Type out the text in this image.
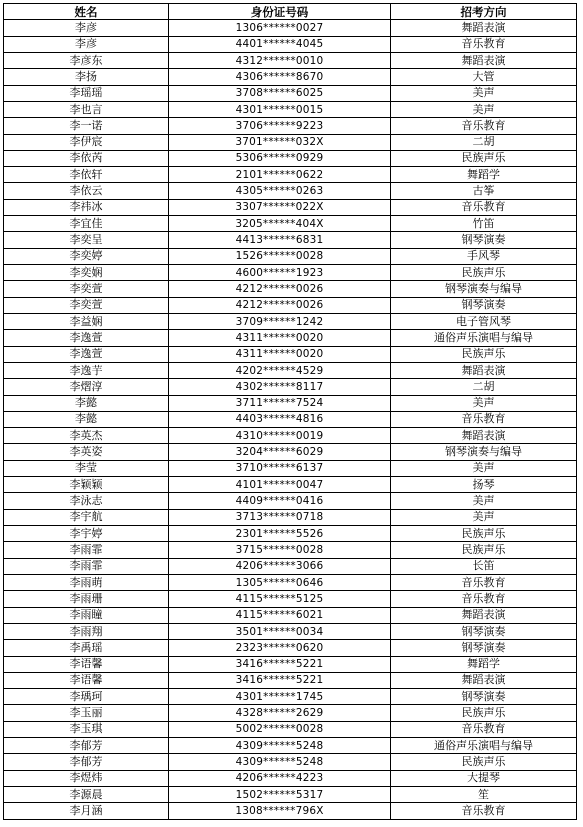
姓名	身份证号码	招考方向
李彦	1306******0027	舞蹈表演
李彦	4401******4045	音乐教育
李彦东	4312******0010	舞蹈表演
李扬	4306******8670	大管
李瑶瑶	3708******6025	美声
李也言	4301******0015	美声
李一诺	3706******9223	音乐教育
李伊宸	3701******032X	二胡
李依芮	5306******0929	民族声乐
李依轩	2101******0622	舞蹈学
李依云	4305******0263	古筝
李祎冰	3307******022X	音乐教育
李宜佳	3205******404X	竹笛
李奕呈	4413******6831	钢琴演奏
李奕婷	1526******0028	手风琴
李奕娴	4600******1923	民族声乐
李奕萱	4212******0026	钢琴演奏与编导
李奕萱	4212******0026	钢琴演奏
李益娴	3709******1242	电子管风琴
李逸萱	4311******0020	通俗声乐演唱与编导
李逸萱	4311******0020	民族声乐
李逸芋	4202******4529	舞蹈表演
李熠淳	4302******8117	二胡
李懿	3711******7524	美声
李懿	4403******4816	音乐教育
李英杰	4310******0019	舞蹈表演
李英姿	3204******6029	钢琴演奏与编导
李莹	3710******6137	美声
李颖颖	4101******0047	扬琴
李泳志	4409******0416	美声
李宇航	3713******0718	美声
李宇婷	2301******5526	民族声乐
李雨霏	3715******0028	民族声乐
李雨霏	4206******3066	长笛
李雨萌	1305******0646	音乐教育
李雨珊	4115******5125	音乐教育
李雨瞳	4115******6021	舞蹈表演
李雨翔	3501******0034	钢琴演奏
李禹瑶	2323******0620	钢琴演奏
李语馨	3416******5221	舞蹈学
李语馨	3416******5221	舞蹈表演
李瑀珂	4301******1745	钢琴演奏
李玉丽	4328******2629	民族声乐
李玉琪	5002******0028	音乐教育
李郁芳	4309******5248	通俗声乐演唱与编导
李郁芳	4309******5248	民族声乐
李煜炜	4206******4223	大提琴
李源晨	1502******5317	笙
李月涵	1308******796X	音乐教育
